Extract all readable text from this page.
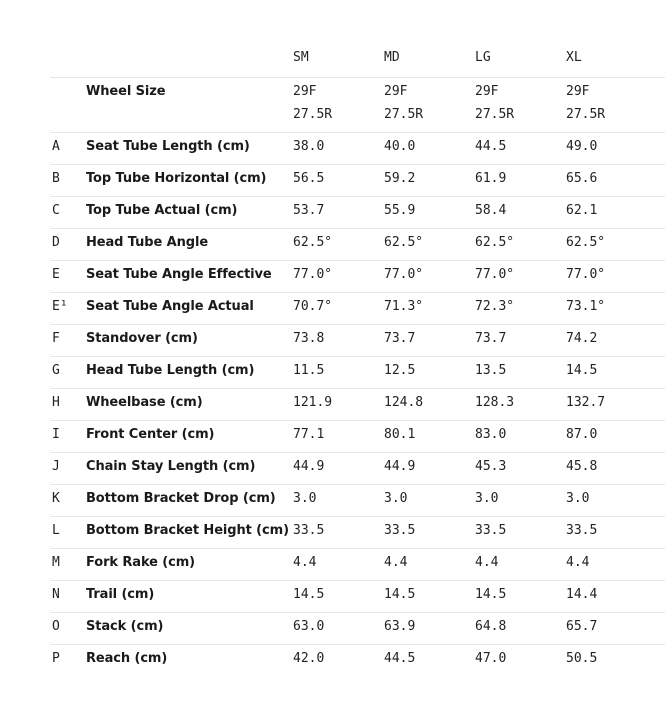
SM	MD	LG	XL
Wheel Size	29F	29F	29F	29F
27.5R	27.5R	27.5R	27.5R
A Seat Tube Length (cm)	38.0	40.0	44.5	49.0
B Top Tube Horizontal (cm) 56.5	59.2	61.9	65.6
C Top Tube Actual (cm)	53.7	55.9	58.4	62.1
D Head Tube Angle	62.5°	62.5°	62.5°	62.5°
E Seat Tube Angle Effective 77.0°	77.0°	77.0°	77.0°
E¹ Seat Tube Angle Actual	70.7°	71.3°	72.3°	73.1°
F Standover (cm)	73.8	73.7	73.7	74.2
G Head Tube Length (cm)	11.5	12.5	13.5	14.5
H Wheelbase (cm)	121.9	124.8	128.3	132.7
I Front Center (cm)	77.1	80.1	83.0	87.0
J Chain Stay Length (cm)	44.9	44.9	45.3	45.8
K Bottom Bracket Drop (cm) 3.0	3.0	3.0	3.0
L Bottom Bracket Height (cm) 33.5	33.5	33.5	33.5
M Fork Rake (cm)	4.4	4.4	4.4	4.4
N Trail (cm)	14.5	14.5	14.5	14.4
O Stack (cm)	63.0	63.9	64.8	65.7
P Reach (cm)	42.0	44.5	47.0	50.5
